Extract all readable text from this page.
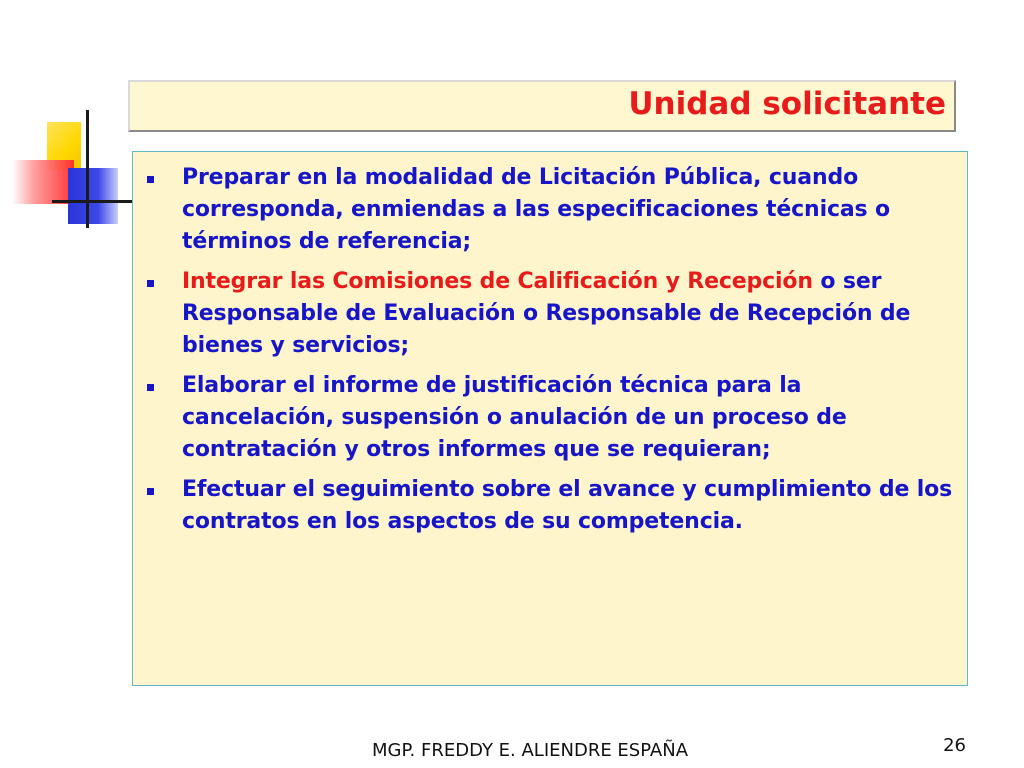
Unidad solicitante
Preparar en la modalidad de Licitación Pública, cuando corresponda, enmiendas a las especificaciones técnicas o términos de referencia;
Integrar las Comisiones de Calificación y Recepción o ser Responsable de Evaluación o Responsable de Recepción de bienes y servicios;
Elaborar el informe de justificación técnica para la cancelación, suspensión o anulación de un proceso de contratación y otros informes que se requieran;
Efectuar el seguimiento sobre el avance y cumplimiento de los contratos en los aspectos de su competencia.
MGP. FREDDY E. ALIENDRE ESPAÑA	26
